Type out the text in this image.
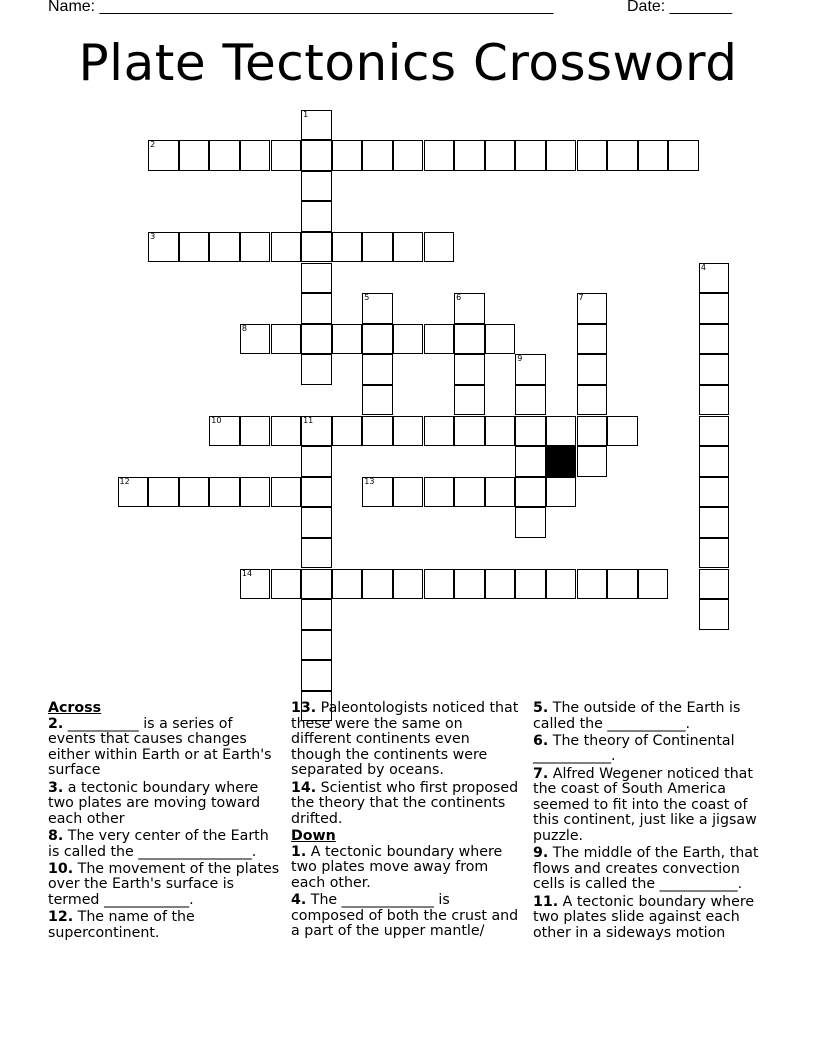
Name: ___________________________________________________	Date: _______
Plate Tectonics Crossword
1
2
3
4
5	6	7
8
9
10	11
12	13
14
Across
2. __________ is a series of events that causes changes either within Earth or at Earth's surface
3. a tectonic boundary where two plates are moving toward each other
8. The very center of the Earth is called the ________________.
10. The movement of the plates over the Earth's surface is termed ____________.
12. The name of the supercontinent.
13. Paleontologists noticed that these were the same on different continents even though the continents were separated by oceans.
14. Scientist who first proposed the theory that the continents drifted.
Down
1. A tectonic boundary where two plates move away from each other.
4. The _____________ is composed of both the crust and a part of the upper mantle/
5. The outside of the Earth is called the ___________.
6. The theory of Continental ___________.
7. Alfred Wegener noticed that the coast of South America seemed to fit into the coast of this continent, just like a jigsaw puzzle.
9. The middle of the Earth, that flows and creates convection cells is called the ___________.
11. A tectonic boundary where two plates slide against each other in a sideways motion
